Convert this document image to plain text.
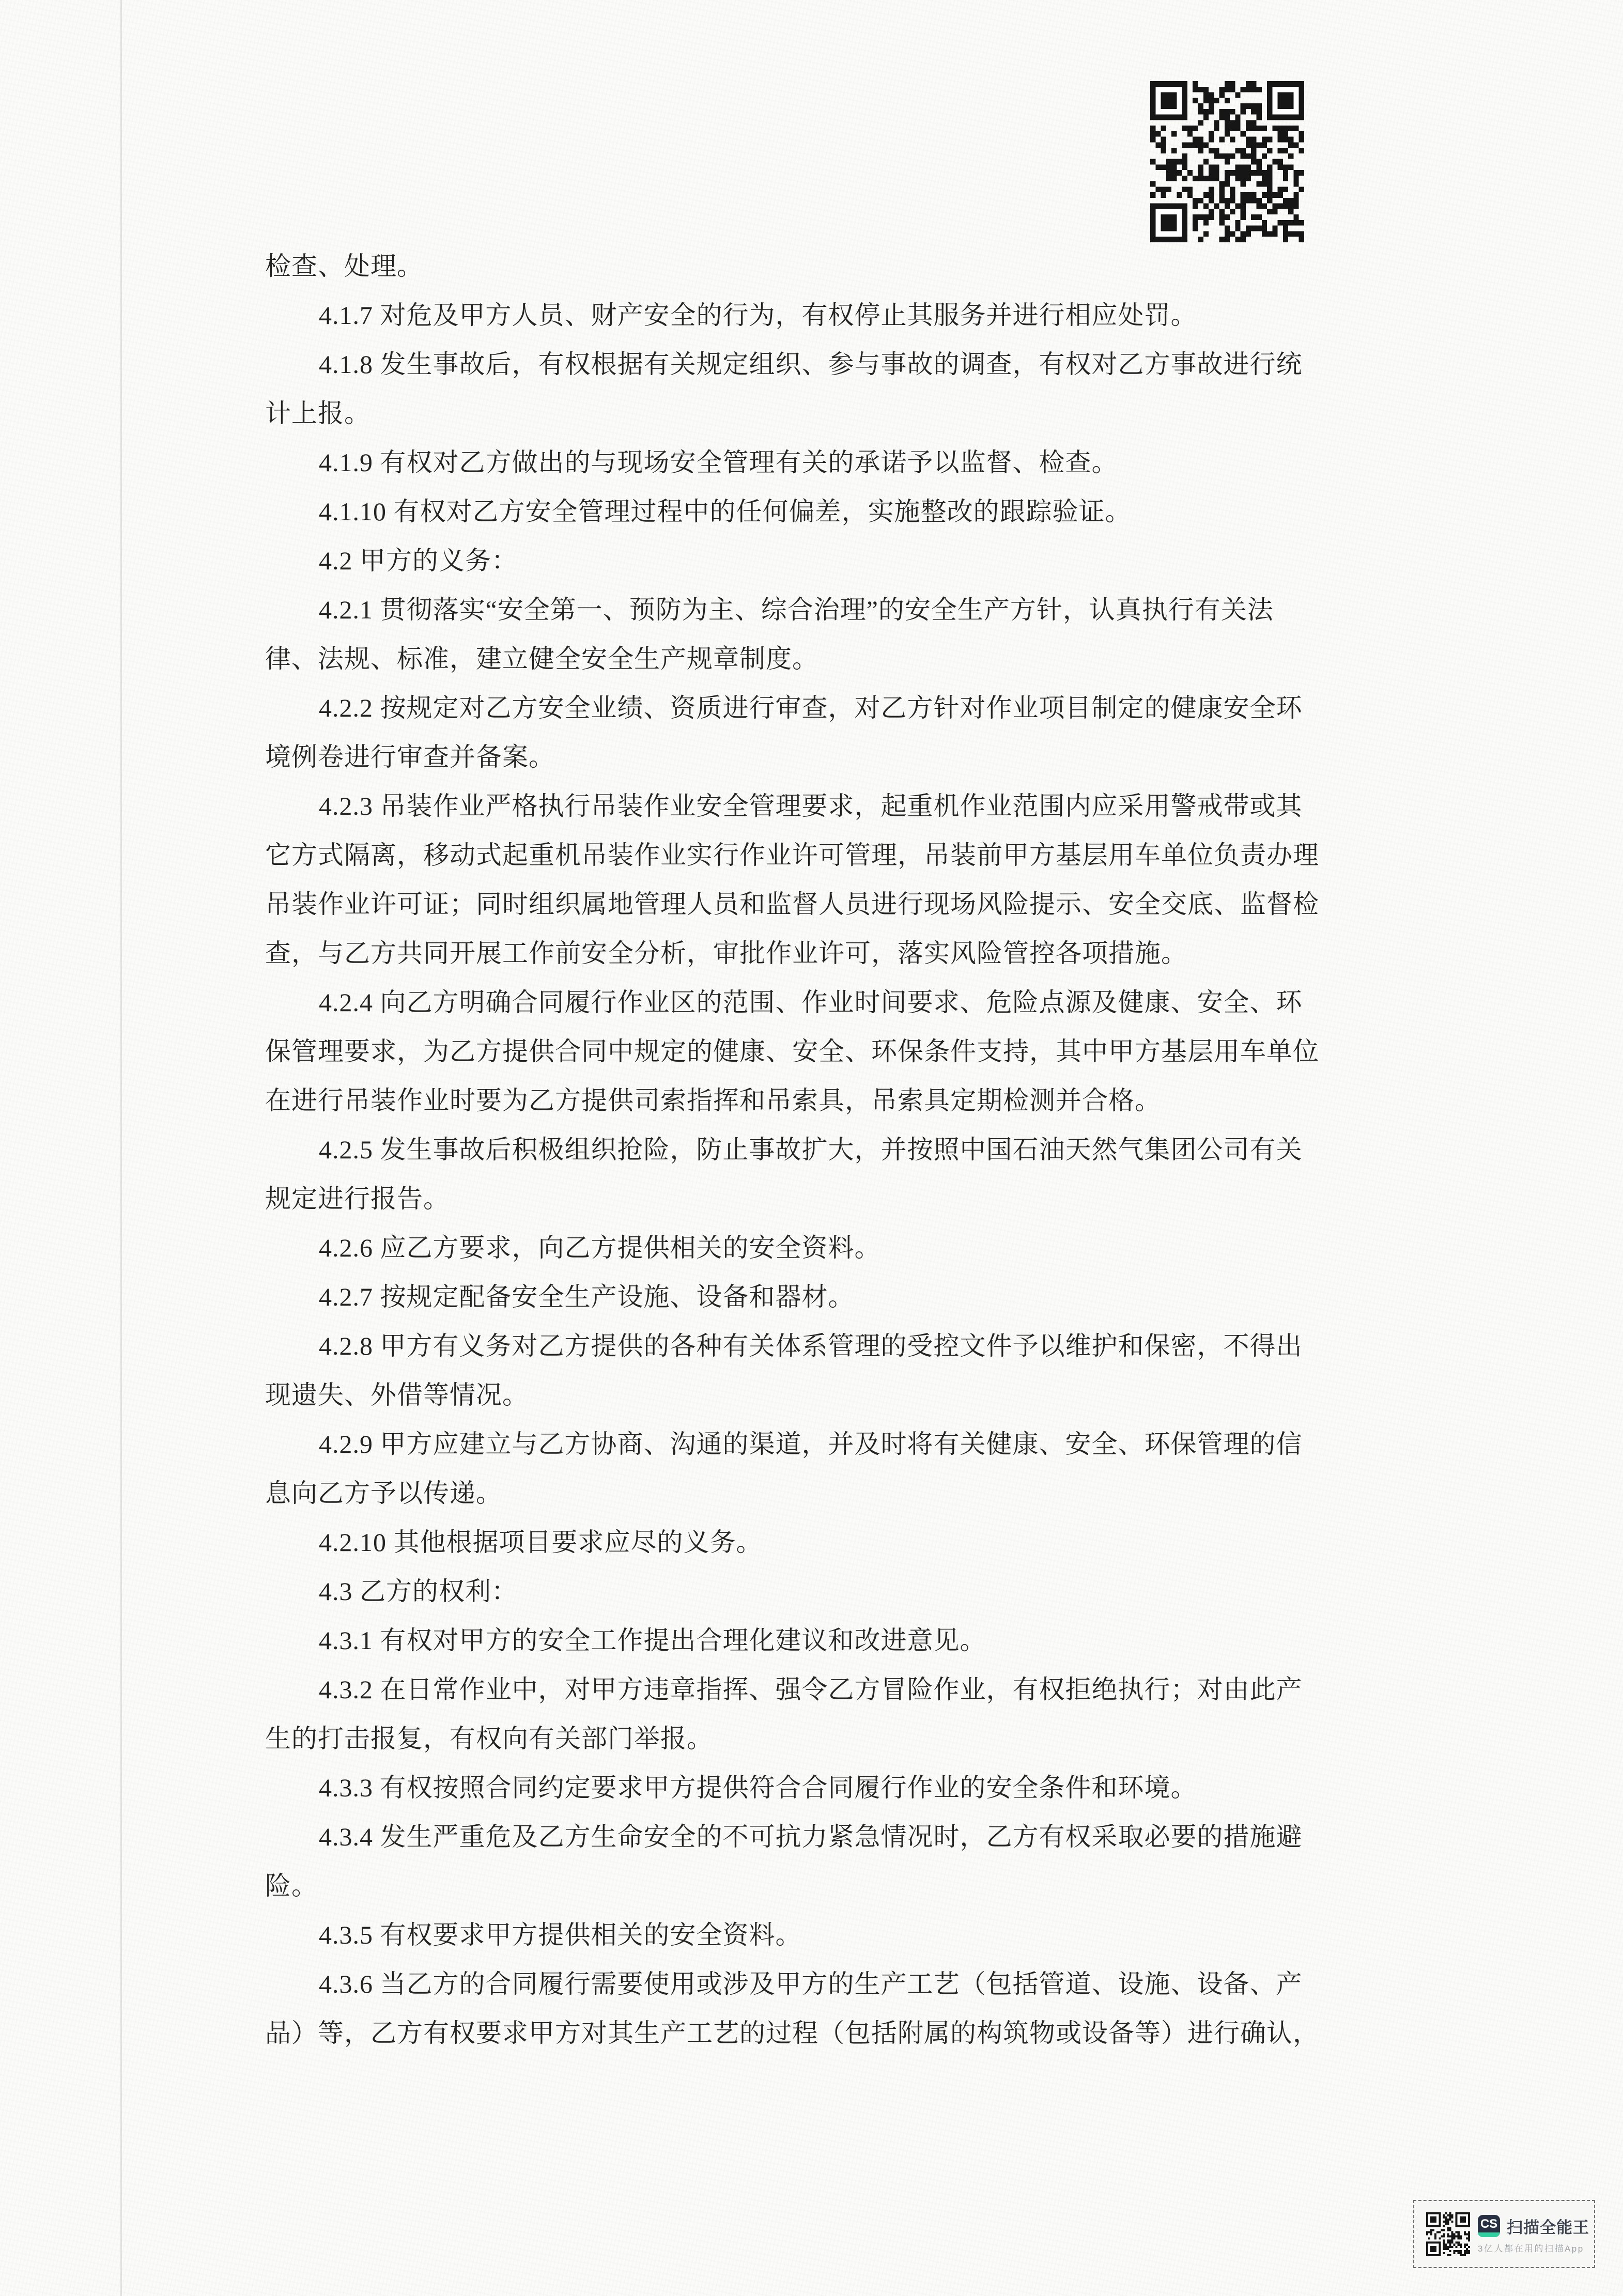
检查、处理。
4.1.7 对危及甲方人员、财产安全的行为，有权停止其服务并进行相应处罚。
4.1.8 发生事故后，有权根据有关规定组织、参与事故的调查，有权对乙方事故进行统
计上报。
4.1.9 有权对乙方做出的与现场安全管理有关的承诺予以监督、检查。
4.1.10 有权对乙方安全管理过程中的任何偏差，实施整改的跟踪验证。
4.2 甲方的义务：
4.2.1 贯彻落实“安全第一、预防为主、综合治理”的安全生产方针，认真执行有关法
律、法规、标准，建立健全安全生产规章制度。
4.2.2 按规定对乙方安全业绩、资质进行审查，对乙方针对作业项目制定的健康安全环
境例卷进行审查并备案。
4.2.3 吊装作业严格执行吊装作业安全管理要求，起重机作业范围内应采用警戒带或其
它方式隔离，移动式起重机吊装作业实行作业许可管理，吊装前甲方基层用车单位负责办理
吊装作业许可证；同时组织属地管理人员和监督人员进行现场风险提示、安全交底、监督检
查，与乙方共同开展工作前安全分析，审批作业许可，落实风险管控各项措施。
4.2.4 向乙方明确合同履行作业区的范围、作业时间要求、危险点源及健康、安全、环
保管理要求，为乙方提供合同中规定的健康、安全、环保条件支持，其中甲方基层用车单位
在进行吊装作业时要为乙方提供司索指挥和吊索具，吊索具定期检测并合格。
4.2.5 发生事故后积极组织抢险，防止事故扩大，并按照中国石油天然气集团公司有关
规定进行报告。
4.2.6 应乙方要求，向乙方提供相关的安全资料。
4.2.7 按规定配备安全生产设施、设备和器材。
4.2.8 甲方有义务对乙方提供的各种有关体系管理的受控文件予以维护和保密，不得出
现遗失、外借等情况。
4.2.9 甲方应建立与乙方协商、沟通的渠道，并及时将有关健康、安全、环保管理的信
息向乙方予以传递。
4.2.10 其他根据项目要求应尽的义务。
4.3 乙方的权利：
4.3.1 有权对甲方的安全工作提出合理化建议和改进意见。
4.3.2 在日常作业中，对甲方违章指挥、强令乙方冒险作业，有权拒绝执行；对由此产
生的打击报复，有权向有关部门举报。
4.3.3 有权按照合同约定要求甲方提供符合合同履行作业的安全条件和环境。
4.3.4 发生严重危及乙方生命安全的不可抗力紧急情况时，乙方有权采取必要的措施避
险。
4.3.5 有权要求甲方提供相关的安全资料。
4.3.6 当乙方的合同履行需要使用或涉及甲方的生产工艺（包括管道、设施、设备、产
品）等，乙方有权要求甲方对其生产工艺的过程（包括附属的构筑物或设备等）进行确认，
CS 扫描全能王
3亿人都在用的扫描App
